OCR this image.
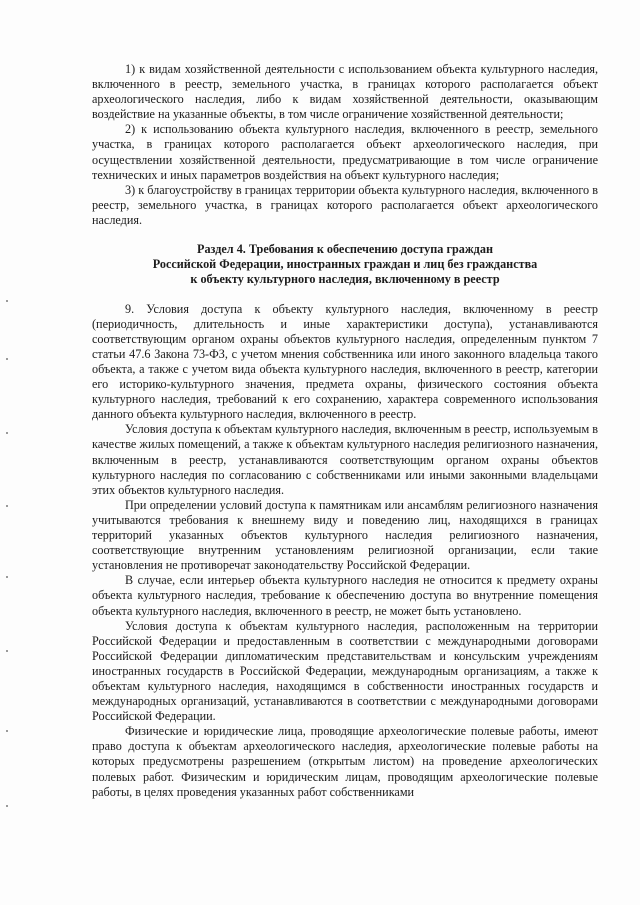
1) к видам хозяйственной деятельности с использованием объекта культурного наследия, включенного в реестр, земельного участка, в границах которого располагается объект археологического наследия, либо к видам хозяйственной деятельности, оказывающим воздействие на указанные объекты, в том числе ограничение хозяйственной деятельности;

2) к использованию объекта культурного наследия, включенного в реестр, земельного участка, в границах которого располагается объект археологического наследия, при осуществлении хозяйственной деятельности, предусматривающие в том числе ограничение технических и иных параметров воздействия на объект культурного наследия;

3) к благоустройству в границах территории объекта культурного наследия, включенного в реестр, земельного участка, в границах которого располагается объект археологического наследия.

Раздел 4. Требования к обеспечению доступа граждан
Российской Федерации, иностранных граждан и лиц без гражданства
к объекту культурного наследия, включенному в реестр

9. Условия доступа к объекту культурного наследия, включенному в реестр (периодичность, длительность и иные характеристики доступа), устанавливаются соответствующим органом охраны объектов культурного наследия, определенным пунктом 7 статьи 47.6 Закона 73-ФЗ, с учетом мнения собственника или иного законного владельца такого объекта, а также с учетом вида объекта культурного наследия, включенного в реестр, категории его историко-культурного значения, предмета охраны, физического состояния объекта культурного наследия, требований к его сохранению, характера современного использования данного объекта культурного наследия, включенного в реестр.

Условия доступа к объектам культурного наследия, включенным в реестр, используемым в качестве жилых помещений, а также к объектам культурного наследия религиозного назначения, включенным в реестр, устанавливаются соответствующим органом охраны объектов культурного наследия по согласованию с собственниками или иными законными владельцами этих объектов культурного наследия.

При определении условий доступа к памятникам или ансамблям религиозного назначения учитываются требования к внешнему виду и поведению лиц, находящихся в границах территорий указанных объектов культурного наследия религиозного назначения, соответствующие внутренним установлениям религиозной организации, если такие установления не противоречат законодательству Российской Федерации.

В случае, если интерьер объекта культурного наследия не относится к предмету охраны объекта культурного наследия, требование к обеспечению доступа во внутренние помещения объекта культурного наследия, включенного в реестр, не может быть установлено.

Условия доступа к объектам культурного наследия, расположенным на территории Российской Федерации и предоставленным в соответствии с международными договорами Российской Федерации дипломатическим представительствам и консульским учреждениям иностранных государств в Российской Федерации, международным организациям, а также к объектам культурного наследия, находящимся в собственности иностранных государств и международных организаций, устанавливаются в соответствии с международными договорами Российской Федерации.

Физические и юридические лица, проводящие археологические полевые работы, имеют право доступа к объектам археологического наследия, археологические полевые работы на которых предусмотрены разрешением (открытым листом) на проведение археологических полевых работ. Физическим и юридическим лицам, проводящим археологические полевые работы, в целях проведения указанных работ собственниками
